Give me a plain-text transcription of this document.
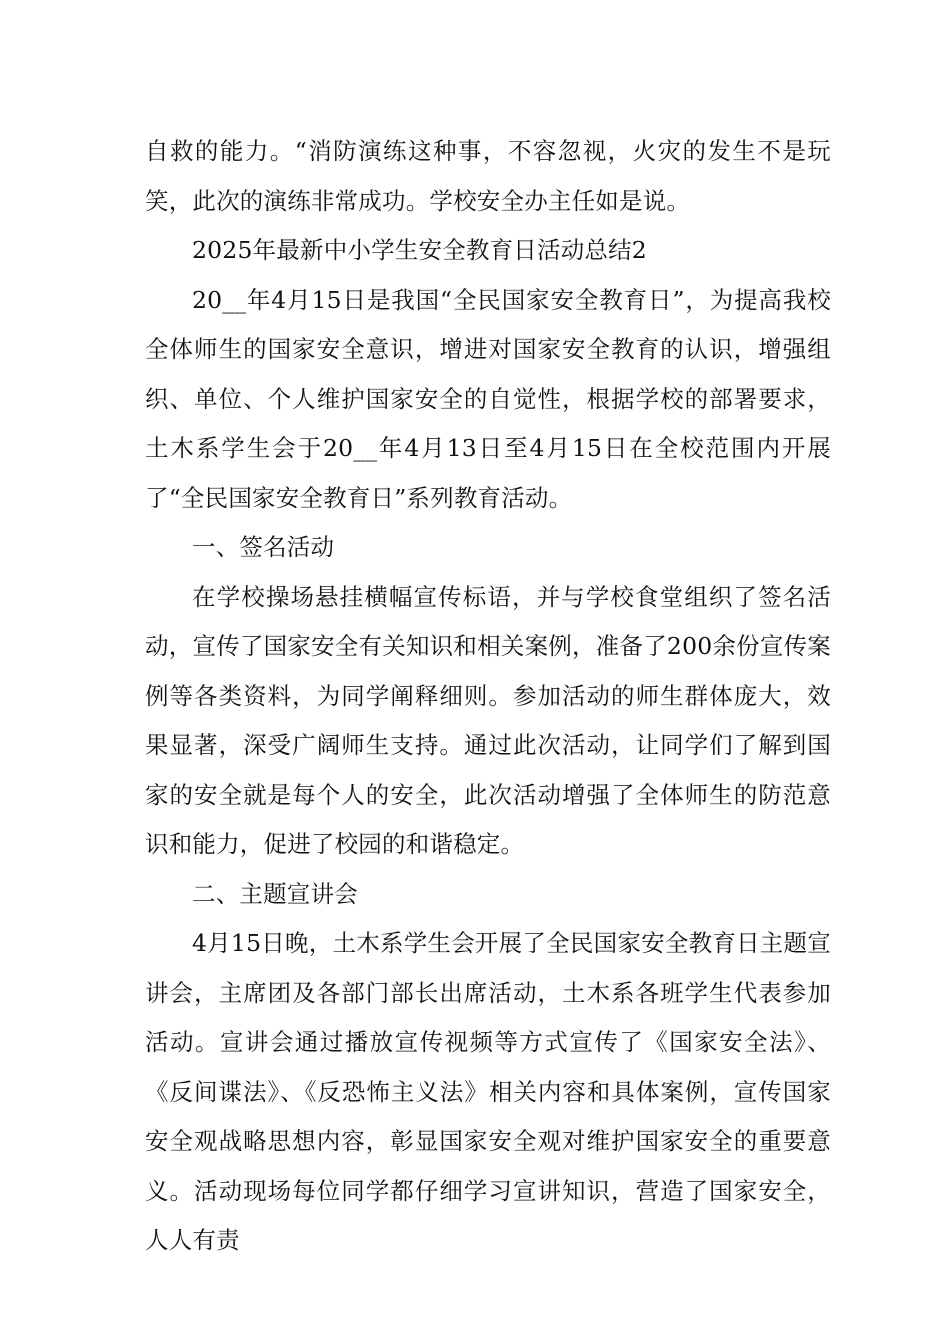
自救的能力。“消防演练这种事，不容忽视，火灾的发生不是玩笑，此次的演练非常成功。学校安全办主任如是说。

2025年最新中小学生安全教育日活动总结2

20__年4月15日是我国“全民国家安全教育日”，为提高我校全体师生的国家安全意识，增进对国家安全教育的认识，增强组织、单位、个人维护国家安全的自觉性，根据学校的部署要求，土木系学生会于20__年4月13日至4月15日在全校范围内开展了“全民国家安全教育日”系列教育活动。

一、签名活动

在学校操场悬挂横幅宣传标语，并与学校食堂组织了签名活动，宣传了国家安全有关知识和相关案例，准备了200余份宣传案例等各类资料，为同学阐释细则。参加活动的师生群体庞大，效果显著，深受广阔师生支持。通过此次活动，让同学们了解到国家的安全就是每个人的安全，此次活动增强了全体师生的防范意识和能力，促进了校园的和谐稳定。

二、主题宣讲会

4月15日晚，土木系学生会开展了全民国家安全教育日主题宣讲会，主席团及各部门部长出席活动，土木系各班学生代表参加活动。宣讲会通过播放宣传视频等方式宣传了《国家安全法》、《反间谍法》、《反恐怖主义法》相关内容和具体案例，宣传国家安全观战略思想内容，彰显国家安全观对维护国家安全的重要意义。活动现场每位同学都仔细学习宣讲知识，营造了国家安全，人人有责
